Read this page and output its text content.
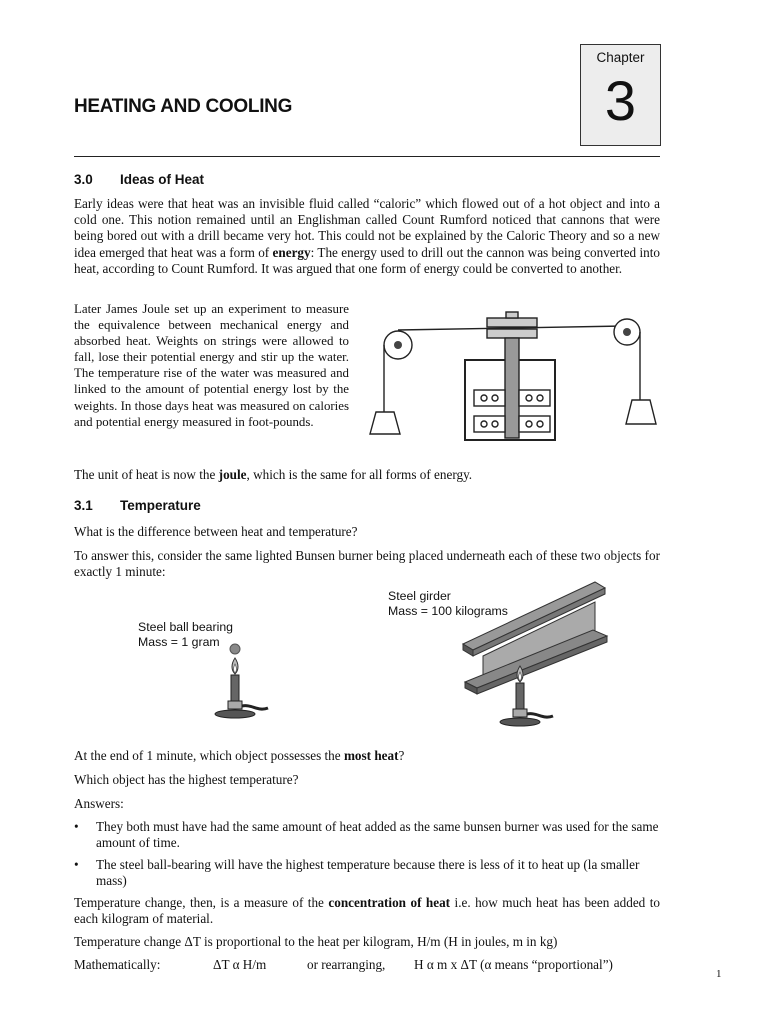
HEATING AND COOLING
Chapter
3
3.0 Ideas of Heat

Early ideas were that heat was an invisible fluid called “caloric” which flowed out of a hot object and into a cold one. This notion remained until an Englishman called Count Rumford noticed that cannons that were being bored out with a drill became very hot. This could not be explained by the Caloric Theory and so a new idea emerged that heat was a form of energy: The energy used to drill out the cannon was being converted into heat, according to Count Rumford. It was argued that one form of energy could be converted to another.

Later James Joule set up an experiment to measure the equivalence between mechanical energy and absorbed heat. Weights on strings were allowed to fall, lose their potential energy and stir up the water. The temperature rise of the water was measured and linked to the amount of potential energy lost by the weights. In those days heat was measured on calories and potential energy measured in foot-pounds.

The unit of heat is now the joule, which is the same for all forms of energy.

3.1 Temperature

What is the difference between heat and temperature?

To answer this, consider the same lighted Bunsen burner being placed underneath each of these two objects for exactly 1 minute:

Steel ball bearing
Mass = 1 gram
Steel girder
Mass = 100 kilograms

At the end of 1 minute, which object possesses the most heat?

Which object has the highest temperature?

Answers:

• They both must have had the same amount of heat added as the same bunsen burner was used for the same amount of time.
• The steel ball-bearing will have the highest temperature because there is less of it to heat up (la smaller mass)

Temperature change, then, is a measure of the concentration of heat i.e. how much heat has been added to each kilogram of material.

Temperature change ΔT is proportional to the heat per kilogram, H/m (H in joules, m in kg)

Mathematically:	ΔT α H/m	or rearranging, H α m x ΔT (α means “proportional”)
1
